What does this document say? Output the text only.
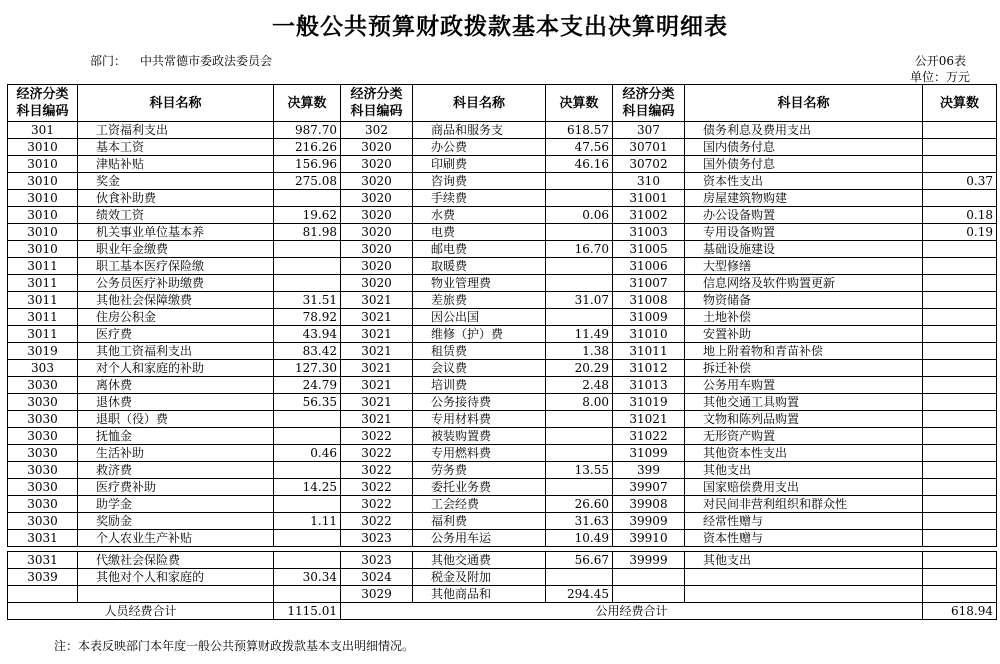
一般公共预算财政拨款基本支出决算明细表
部门： 中共常德市委政法委员会	公开06表
单位：万元
经济分类
科目编码	科目名称	决算数	经济分类
科目编码	科目名称	决算数	经济分类
科目编码	科目名称	决算数
301	工资福利支出	987.70	302	商品和服务支	618.57	307	债务利息及费用支出	
3010	基本工资	216.26	3020	办公费	47.56	30701	国内债务付息	
3010	津贴补贴	156.96	3020	印刷费	46.16	30702	国外债务付息	
3010	奖金	275.08	3020	咨询费		310	资本性支出	0.37
3010	伙食补助费		3020	手续费		31001	房屋建筑物购建	
3010	绩效工资	19.62	3020	水费	0.06	31002	办公设备购置	0.18
3010	机关事业单位基本养	81.98	3020	电费		31003	专用设备购置	0.19
3010	职业年金缴费		3020	邮电费	16.70	31005	基础设施建设	
3011	职工基本医疗保险缴		3020	取暖费		31006	大型修缮	
3011	公务员医疗补助缴费		3020	物业管理费		31007	信息网络及软件购置更新	
3011	其他社会保障缴费	31.51	3021	差旅费	31.07	31008	物资储备	
3011	住房公积金	78.92	3021	因公出国		31009	土地补偿	
3011	医疗费	43.94	3021	维修（护）费	11.49	31010	安置补助	
3019	其他工资福利支出	83.42	3021	租赁费	1.38	31011	地上附着物和青苗补偿	
303	对个人和家庭的补助	127.30	3021	会议费	20.29	31012	拆迁补偿	
3030	离休费	24.79	3021	培训费	2.48	31013	公务用车购置	
3030	退休费	56.35	3021	公务接待费	8.00	31019	其他交通工具购置	
3030	退职（役）费		3021	专用材料费		31021	文物和陈列品购置	
3030	抚恤金		3022	被装购置费		31022	无形资产购置	
3030	生活补助	0.46	3022	专用燃料费		31099	其他资本性支出	
3030	救济费		3022	劳务费	13.55	399	其他支出	
3030	医疗费补助	14.25	3022	委托业务费		39907	国家赔偿费用支出	
3030	助学金		3022	工会经费	26.60	39908	对民间非营利组织和群众性	
3030	奖励金	1.11	3022	福利费	31.63	39909	经常性赠与	
3031	个人农业生产补贴		3023	公务用车运	10.49	39910	资本性赠与	

3031	代缴社会保险费		3023	其他交通费	56.67	39999	其他支出	
3039	其他对个人和家庭的	30.34	3024	税金及附加				
			3029	其他商品和	294.45			
人员经费合计		1115.01	公用经费合计					618.94
注：本表反映部门本年度一般公共预算财政拨款基本支出明细情况。
